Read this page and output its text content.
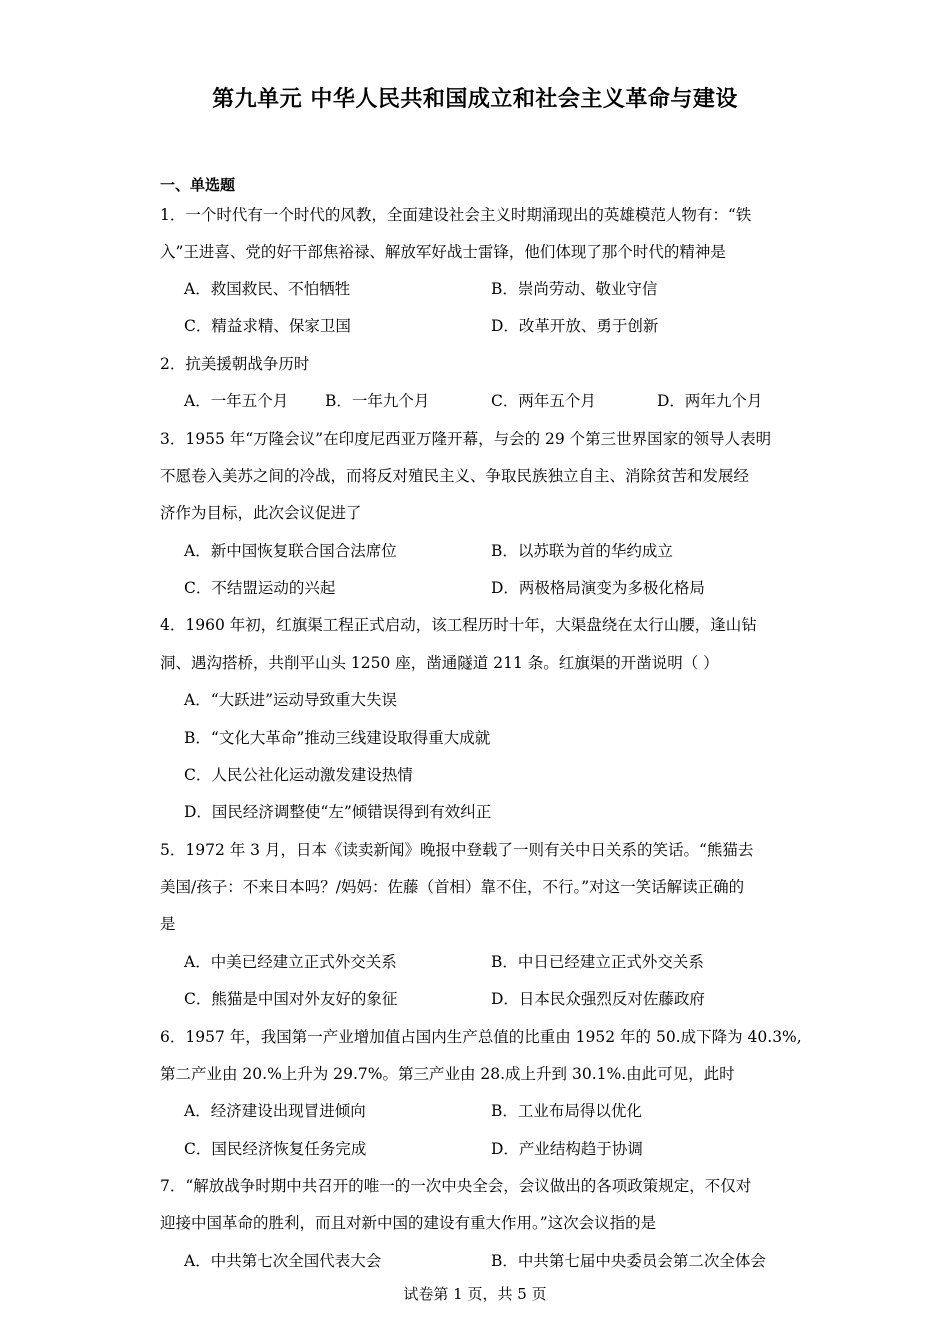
第九单元 中华人民共和国成立和社会主义革命与建设
一、单选题
1．一个时代有一个时代的风教，全面建设社会主义时期涌现出的英雄模范人物有：“铁
入”王进喜、党的好干部焦裕禄、解放军好战士雷锋，他们体现了那个时代的精神是
A．救国救民、不怕牺牲	B．崇尚劳动、敬业守信
C．精益求精、保家卫国	D．改革开放、勇于创新
2．抗美援朝战争历时
A．一年五个月 B．一年九个月	C．两年五个月	D．两年九个月
3．1955 年“万隆会议”在印度尼西亚万隆开幕，与会的 29 个第三世界国家的领导人表明
不愿卷入美苏之间的冷战，而将反对殖民主义、争取民族独立自主、消除贫苦和发展经
济作为目标，此次会议促进了
A．新中国恢复联合国合法席位	B．以苏联为首的华约成立
C．不结盟运动的兴起	D．两极格局演变为多极化格局
4．1960 年初，红旗渠工程正式启动，该工程历时十年，大渠盘绕在太行山腰，逢山钻
洞、遇沟搭桥，共削平山头 1250 座，凿通隧道 211 条。红旗渠的开凿说明（ ）
A．“大跃进”运动导致重大失误
B．“文化大革命”推动三线建设取得重大成就
C．人民公社化运动激发建设热情
D．国民经济调整使“左”倾错误得到有效纠正
5．1972 年 3 月，日本《读卖新闻》晚报中登载了一则有关中日关系的笑话。“熊猫去
美国/孩子：不来日本吗？/妈妈：佐藤（首相）靠不住，不行。”对这一笑话解读正确的
是
A．中美已经建立正式外交关系	B．中日已经建立正式外交关系
C．熊猫是中国对外友好的象征	D．日本民众强烈反对佐藤政府
6．1957 年，我国第一产业增加值占国内生产总值的比重由 1952 年的 50.成下降为 40.3%,
第二产业由 20.%上升为 29.7%。第三产业由 28.成上升到 30.1%.由此可见，此时
A．经济建设出现冒进倾向	B．工业布局得以优化
C．国民经济恢复任务完成	D．产业结构趋于协调
7．“解放战争时期中共召开的唯一的一次中央全会，会议做出的各项政策规定，不仅对
迎接中国革命的胜利，而且对新中国的建设有重大作用。”这次会议指的是
A．中共第七次全国代表大会	B．中共第七届中央委员会第二次全体会
试卷第 1 页，共 5 页
